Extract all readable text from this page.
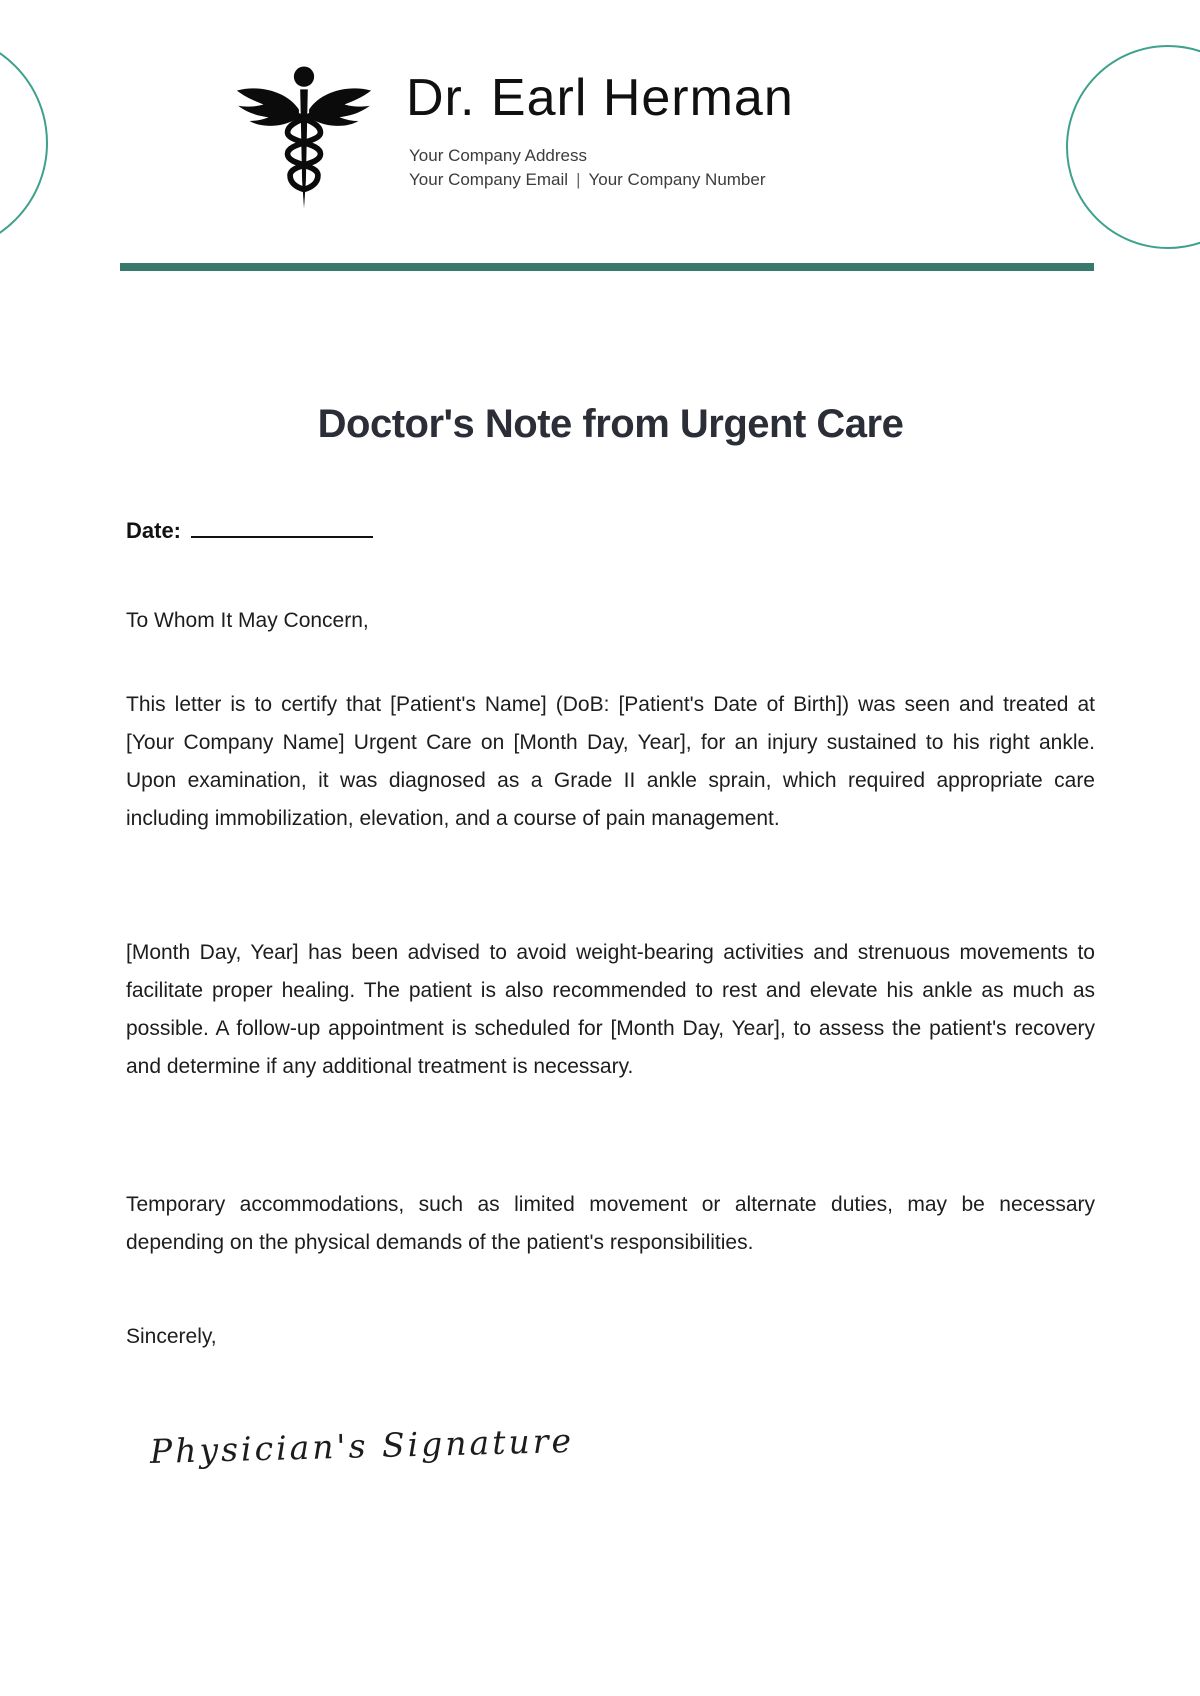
Dr. Earl Herman
Your Company Address
Your Company Email | Your Company Number
Doctor's Note from Urgent Care
Date:
To Whom It May Concern,

This letter is to certify that [Patient's Name] (DoB: [Patient's Date of Birth]) was seen and treated at [Your Company Name] Urgent Care on [Month Day, Year], for an injury sustained to his right ankle. Upon examination, it was diagnosed as a Grade II ankle sprain, which required appropriate care including immobilization, elevation, and a course of pain management.

[Month Day, Year] has been advised to avoid weight-bearing activities and strenuous movements to facilitate proper healing. The patient is also recommended to rest and elevate his ankle as much as possible. A follow-up appointment is scheduled for [Month Day, Year], to assess the patient's recovery and determine if any additional treatment is necessary.

Temporary accommodations, such as limited movement or alternate duties, may be necessary depending on the physical demands of the patient's responsibilities.

Sincerely,
Physician's Signature
